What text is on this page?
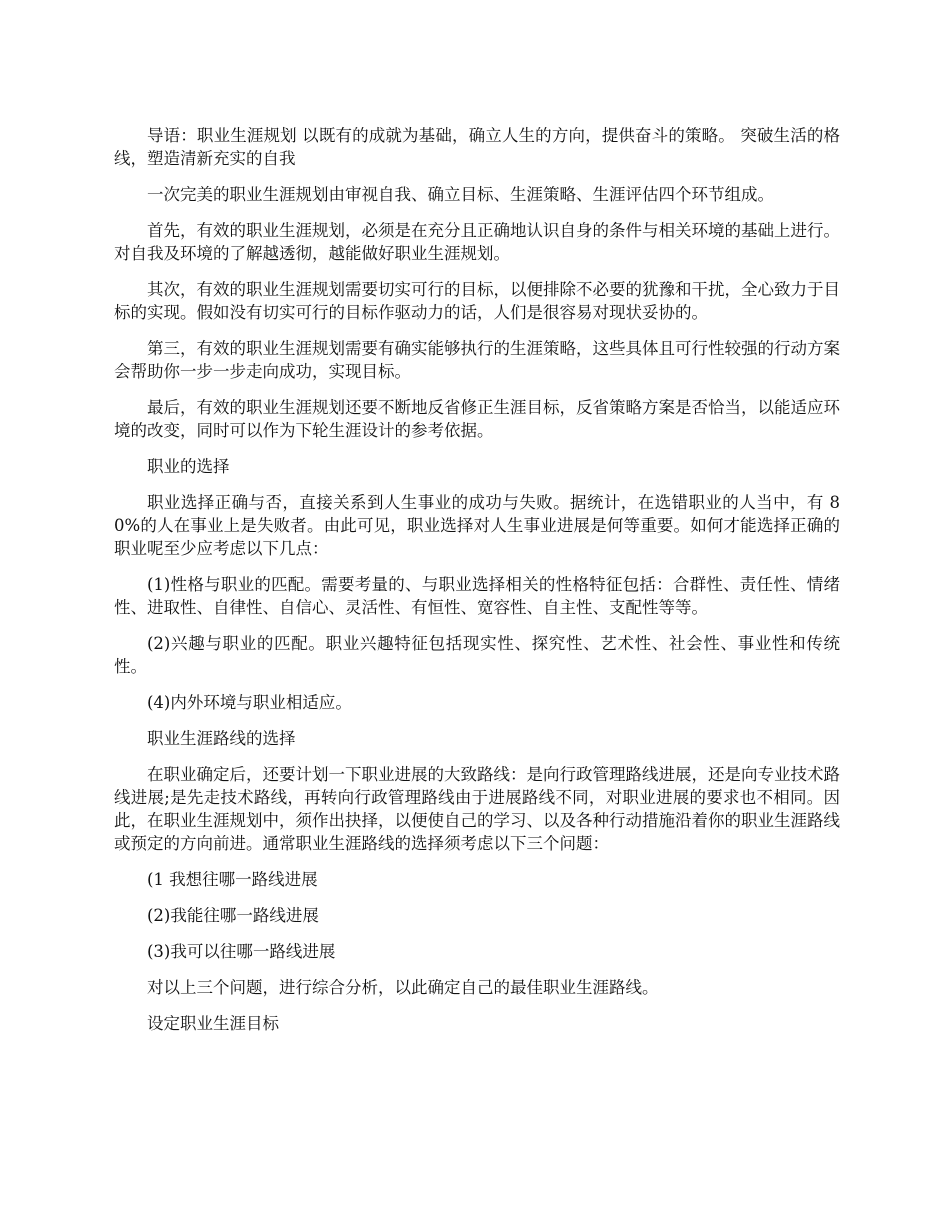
导语：职业生涯规划 以既有的成就为基础，确立人生的方向，提供奋斗的策略。 突破生活的格线，塑造清新充实的自我

一次完美的职业生涯规划由审视自我、确立目标、生涯策略、生涯评估四个环节组成。

首先，有效的职业生涯规划，必须是在充分且正确地认识自身的条件与相关环境的基础上进行。对自我及环境的了解越透彻，越能做好职业生涯规划。

其次，有效的职业生涯规划需要切实可行的目标，以便排除不必要的犹豫和干扰，全心致力于目标的实现。假如没有切实可行的目标作驱动力的话，人们是很容易对现状妥协的。

第三，有效的职业生涯规划需要有确实能够执行的生涯策略，这些具体且可行性较强的行动方案会帮助你一步一步走向成功，实现目标。

最后，有效的职业生涯规划还要不断地反省修正生涯目标，反省策略方案是否恰当，以能适应环境的改变，同时可以作为下轮生涯设计的参考依据。

职业的选择

职业选择正确与否，直接关系到人生事业的成功与失败。据统计，在选错职业的人当中，有 80%的人在事业上是失败者。由此可见，职业选择对人生事业进展是何等重要。如何才能选择正确的职业呢至少应考虑以下几点：

(1)性格与职业的匹配。需要考量的、与职业选择相关的性格特征包括：合群性、责任性、情绪性、进取性、自律性、自信心、灵活性、有恒性、宽容性、自主性、支配性等等。

(2)兴趣与职业的匹配。职业兴趣特征包括现实性、探究性、艺术性、社会性、事业性和传统性。

(4)内外环境与职业相适应。

职业生涯路线的选择

在职业确定后，还要计划一下职业进展的大致路线：是向行政管理路线进展，还是向专业技术路线进展;是先走技术路线，再转向行政管理路线由于进展路线不同，对职业进展的要求也不相同。因此，在职业生涯规划中，须作出抉择，以便使自己的学习、以及各种行动措施沿着你的职业生涯路线或预定的方向前进。通常职业生涯路线的选择须考虑以下三个问题：

(1 我想往哪一路线进展

(2)我能往哪一路线进展

(3)我可以往哪一路线进展

对以上三个问题，进行综合分析，以此确定自己的最佳职业生涯路线。

设定职业生涯目标
